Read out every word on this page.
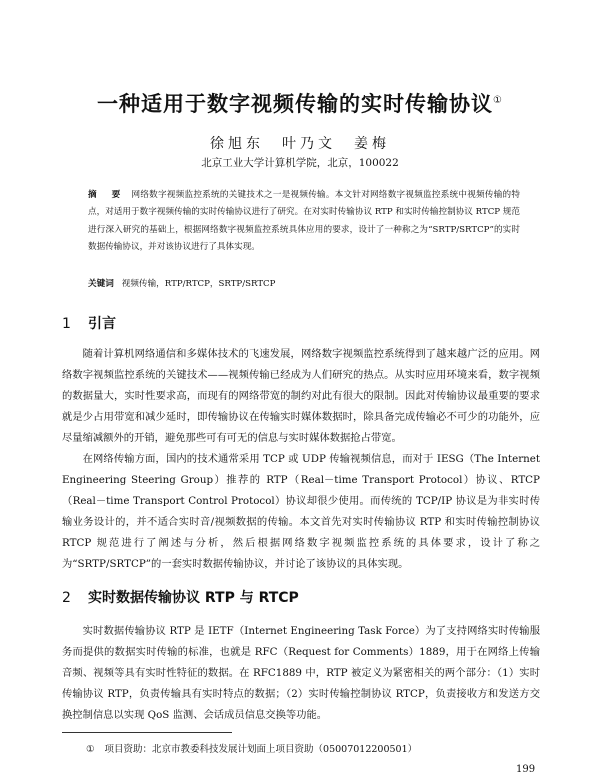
一种适用于数字视频传输的实时传输协议①
徐旭东　叶乃文　姜梅
北京工业大学计算机学院，北京，100022
摘　要 网络数字视频监控系统的关键技术之一是视频传输。本文针对网络数字视频监控系统中视频传输的特点，对适用于数字视频传输的实时传输协议进行了研究。在对实时传输协议 RTP 和实时传输控制协议 RTCP 规范进行深入研究的基础上，根据网络数字视频监控系统具体应用的要求，设计了一种称之为“SRTP/SRTCP”的实时数据传输协议，并对该协议进行了具体实现。
关键词 视频传输，RTP/RTCP，SRTP/SRTCP
1 引言

随着计算机网络通信和多媒体技术的飞速发展，网络数字视频监控系统得到了越来越广泛的应用。网络数字视频监控系统的关键技术——视频传输已经成为人们研究的热点。从实时应用环境来看，数字视频的数据量大，实时性要求高，而现有的网络带宽的制约对此有很大的限制。因此对传输协议最重要的要求就是少占用带宽和减少延时，即传输协议在传输实时媒体数据时，除具备完成传输必不可少的功能外，应尽量缩减额外的开销，避免那些可有可无的信息与实时媒体数据抢占带宽。

在网络传输方面，国内的技术通常采用 TCP 或 UDP 传输视频信息，而对于 IESG（The Internet Engineering Steering Group）推荐的 RTP（Real－time Transport Protocol）协议、RTCP（Real－time Transport Control Protocol）协议却很少使用。而传统的 TCP/IP 协议是为非实时传输业务设计的，并不适合实时音/视频数据的传输。本文首先对实时传输协议 RTP 和实时传输控制协议 RTCP 规范进行了阐述与分析，然后根据网络数字视频监控系统的具体要求，设计了称之为“SRTP/SRTCP”的一套实时数据传输协议，并讨论了该协议的具体实现。

2 实时数据传输协议 RTP 与 RTCP

实时数据传输协议 RTP 是 IETF（Internet Engineering Task Force）为了支持网络实时传输服务而提供的数据实时传输的标准，也就是 RFC（Request for Comments）1889，用于在网络上传输音频、视频等具有实时性特征的数据。在 RFC1889 中，RTP 被定义为紧密相关的两个部分：（1）实时传输协议 RTP，负责传输具有实时特点的数据；（2）实时传输控制协议 RTCP，负责接收方和发送方交换控制信息以实现 QoS 监测、会话成员信息交换等功能。

① 项目资助：北京市教委科技发展计划面上项目资助（05007012200501）
199
